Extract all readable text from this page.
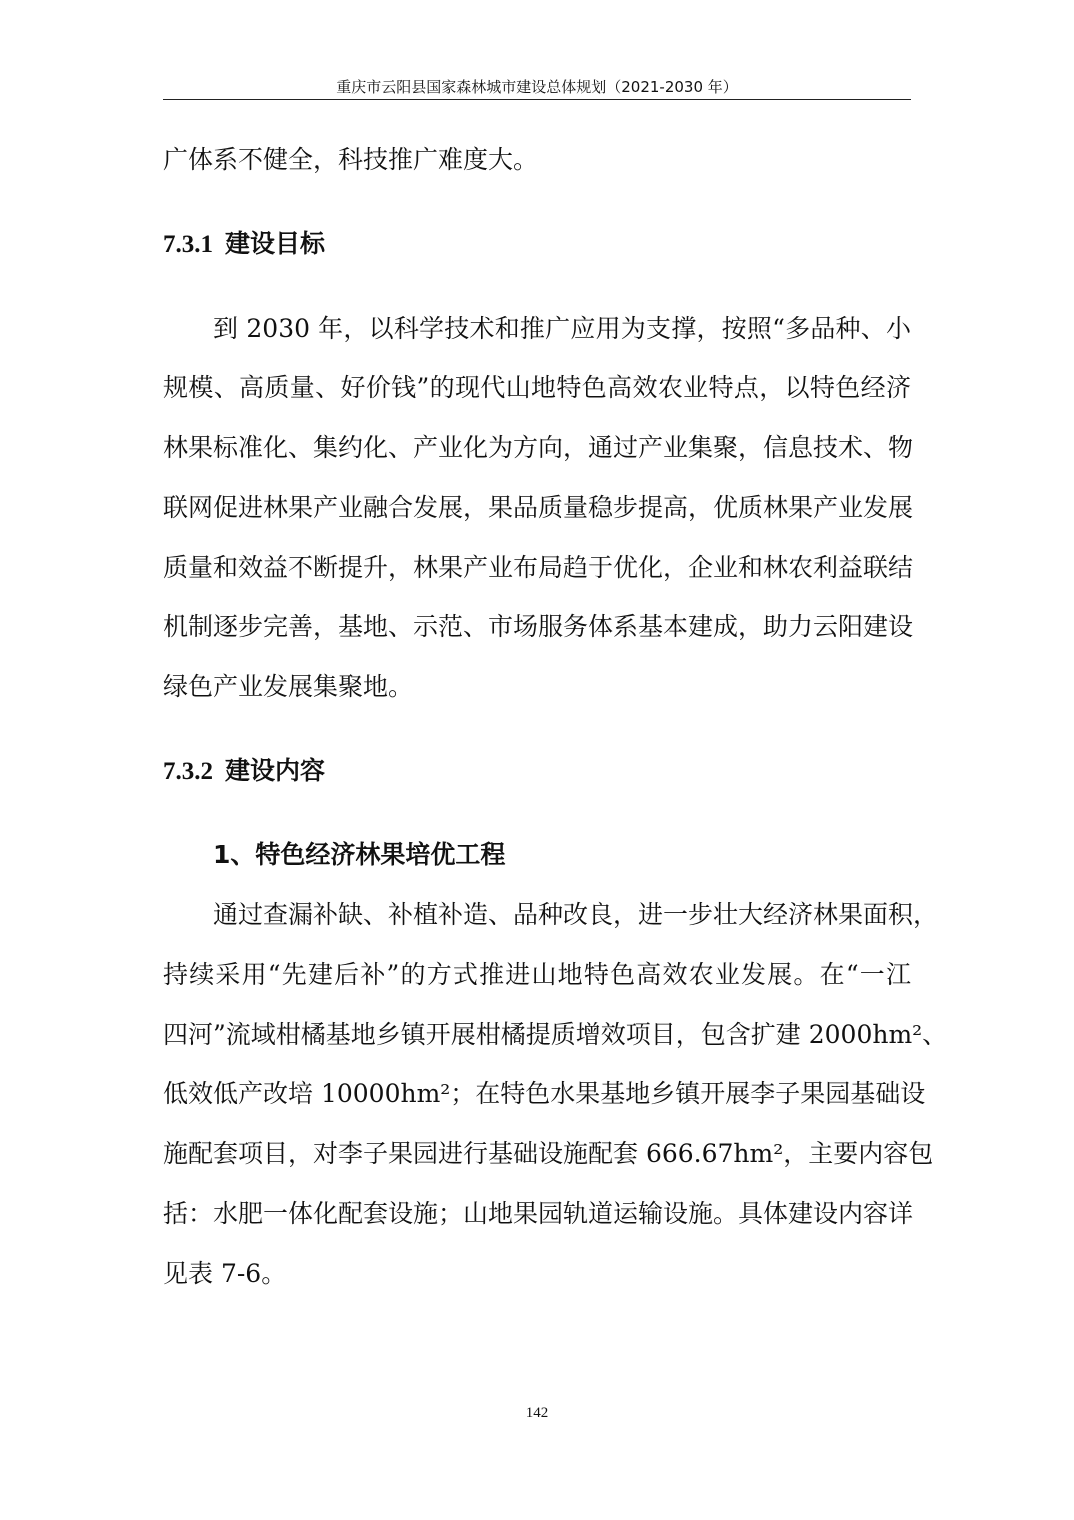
重庆市云阳县国家森林城市建设总体规划（2021-2030 年）
广体系不健全，科技推广难度大。
7.3.1 建设目标
到 2030 年，以科学技术和推广应用为支撑，按照“多品种、小
规模、高质量、好价钱”的现代山地特色高效农业特点，以特色经济
林果标准化、集约化、产业化为方向，通过产业集聚，信息技术、物
联网促进林果产业融合发展，果品质量稳步提高，优质林果产业发展
质量和效益不断提升，林果产业布局趋于优化，企业和林农利益联结
机制逐步完善，基地、示范、市场服务体系基本建成，助力云阳建设
绿色产业发展集聚地。
7.3.2 建设内容
1、特色经济林果培优工程
通过查漏补缺、补植补造、品种改良，进一步壮大经济林果面积，
持续采用“先建后补”的方式推进山地特色高效农业发展。在“一江
四河”流域柑橘基地乡镇开展柑橘提质增效项目，包含扩建 2000hm²、
低效低产改培 10000hm²；在特色水果基地乡镇开展李子果园基础设
施配套项目，对李子果园进行基础设施配套 666.67hm²，主要内容包
括：水肥一体化配套设施；山地果园轨道运输设施。具体建设内容详
见表 7-6。
142
